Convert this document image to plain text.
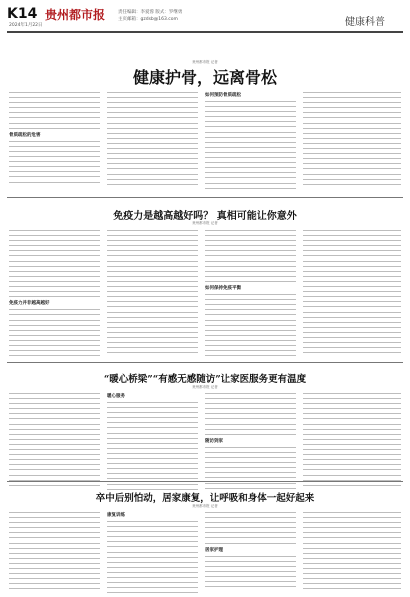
K14 贵州都市报
2024年1月22日
责任编辑：李爱蓉 版式：罗继勇
主页邮箱：gzdsb@163.com	健康科普
健康护骨，远离骨松
贵州都市报 记者
骨质疏松的危害
如何预防骨质疏松
免疫力是越高越好吗？ 真相可能让你意外
贵州都市报 记者
免疫力并非越高越好
如何保持免疫平衡
“暖心桥梁”“有感无感随访”让家医服务更有温度
贵州都市报 记者
暖心服务
随访到家
卒中后别怕动，居家康复，让呼吸和身体一起好起来
贵州都市报 记者
康复训练
居家护理
